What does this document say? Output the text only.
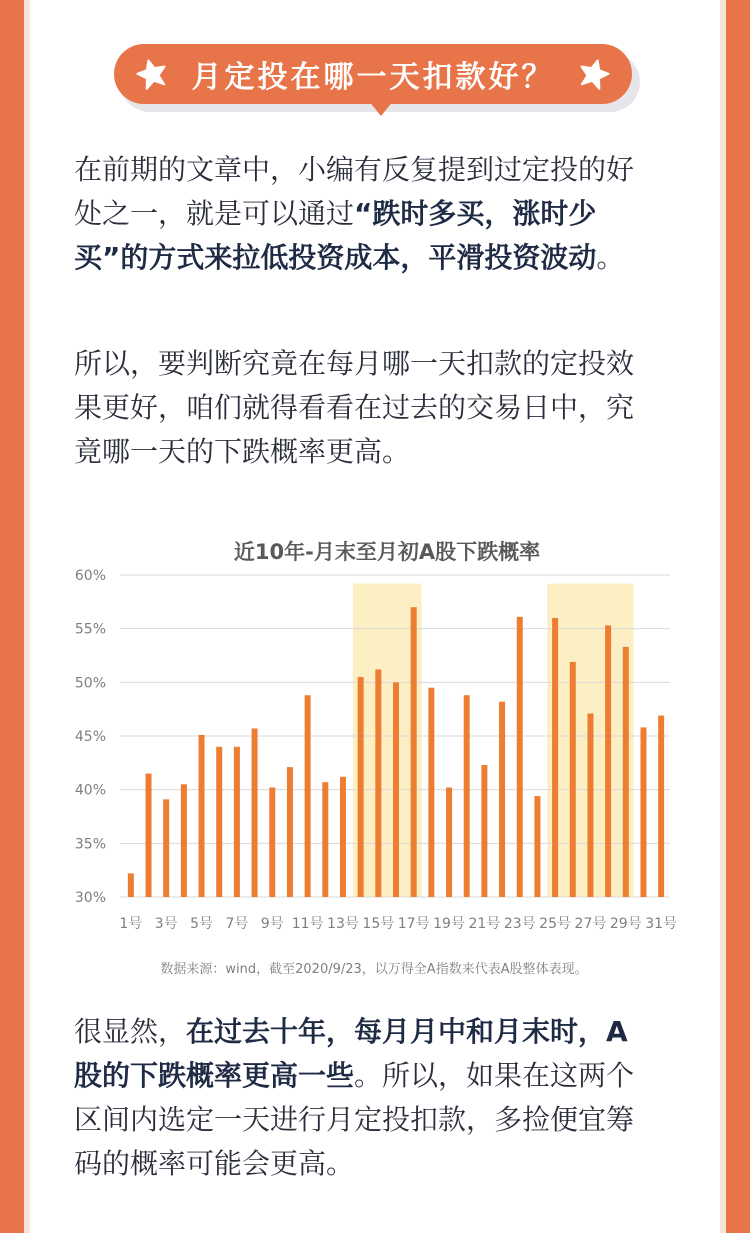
月定投在哪一天扣款好？
在前期的文章中，小编有反复提到过定投的好
处之一，就是可以通过“跌时多买，涨时少
买”的方式来拉低投资成本，平滑投资波动。
所以，要判断究竟在每月哪一天扣款的定投效
果更好，咱们就得看看在过去的交易日中，究
竟哪一天的下跌概率更高。
近10年-月末至月初A股下跌概率
60%
55%
50%
45%
40%
35%
30%
1号 3号 5号 7号 9号 11号 13号 15号 17号 19号 21号 23号 25号 27号 29号 31号
数据来源：wind，截至2020/9/23，以万得全A指数来代表A股整体表现。
很显然，在过去十年，每月月中和月末时，A
股的下跌概率更高一些。所以，如果在这两个
区间内选定一天进行月定投扣款，多捡便宜筹
码的概率可能会更高。
